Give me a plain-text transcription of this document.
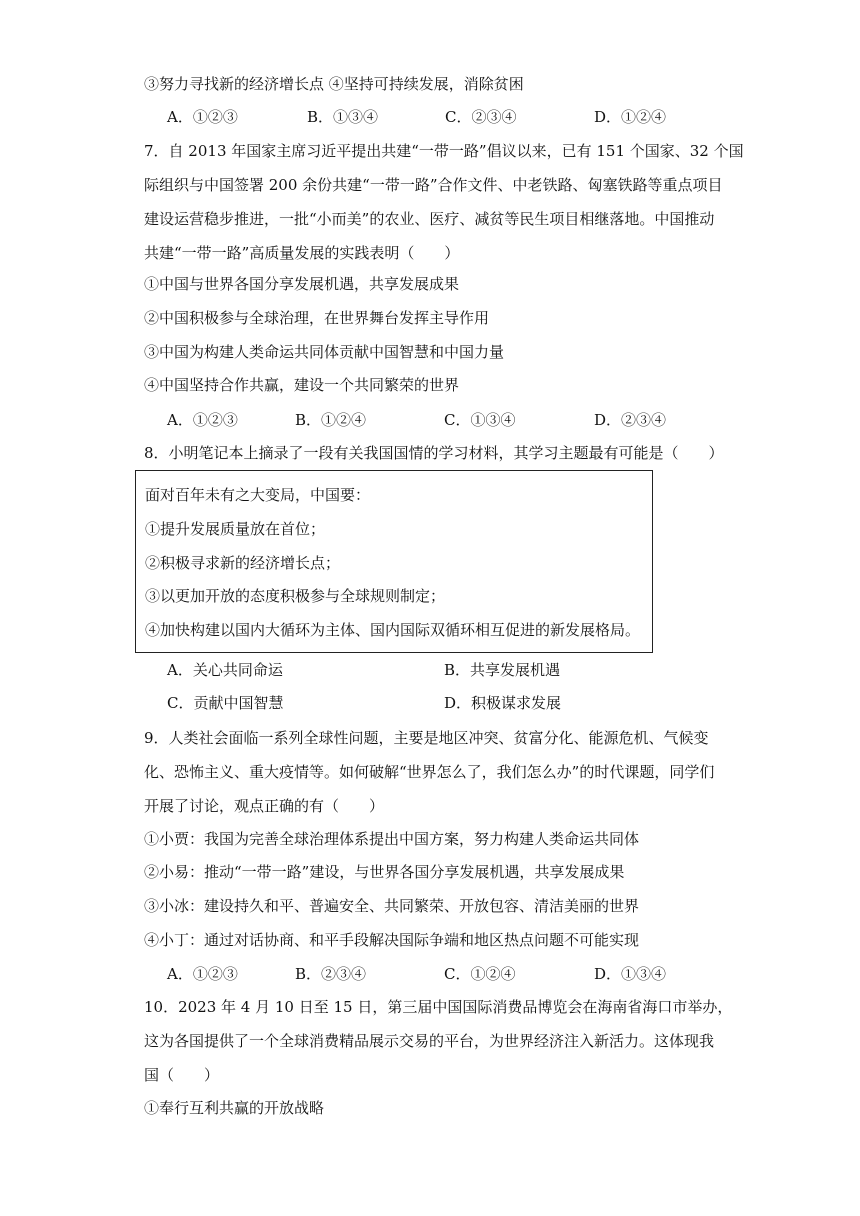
③努力寻找新的经济增长点 ④坚持可持续发展，消除贫困
A．①②③	B．①③④	C．②③④	D．①②④
7．自 2013 年国家主席习近平提出共建“一带一路”倡议以来，已有 151 个国家、32 个国
际组织与中国签署 200 余份共建“一带一路”合作文件、中老铁路、匈塞铁路等重点项目
建设运营稳步推进，一批“小而美”的农业、医疗、减贫等民生项目相继落地。中国推动
共建“一带一路”高质量发展的实践表明（　　）
①中国与世界各国分享发展机遇，共享发展成果
②中国积极参与全球治理，在世界舞台发挥主导作用
③中国为构建人类命运共同体贡献中国智慧和中国力量
④中国坚持合作共赢，建设一个共同繁荣的世界
A．①②③	B．①②④	C．①③④	D．②③④
8．小明笔记本上摘录了一段有关我国国情的学习材料，其学习主题最有可能是（　　）
面对百年未有之大变局，中国要：
①提升发展质量放在首位；
②积极寻求新的经济增长点；
③以更加开放的态度积极参与全球规则制定；
④加快构建以国内大循环为主体、国内国际双循环相互促进的新发展格局。
A．关心共同命运	B．共享发展机遇
C．贡献中国智慧	D．积极谋求发展
9．人类社会面临一系列全球性问题，主要是地区冲突、贫富分化、能源危机、气候变
化、恐怖主义、重大疫情等。如何破解“世界怎么了，我们怎么办”的时代课题，同学们
开展了讨论，观点正确的有（　　）
①小贾：我国为完善全球治理体系提出中国方案，努力构建人类命运共同体
②小易：推动“一带一路”建设，与世界各国分享发展机遇，共享发展成果
③小冰：建设持久和平、普遍安全、共同繁荣、开放包容、清洁美丽的世界
④小丁：通过对话协商、和平手段解决国际争端和地区热点问题不可能实现
A．①②③	B．②③④	C．①②④	D．①③④
10．2023 年 4 月 10 日至 15 日，第三届中国国际消费品博览会在海南省海口市举办，
这为各国提供了一个全球消费精品展示交易的平台，为世界经济注入新活力。这体现我
国（　　）
①奉行互利共赢的开放战略
